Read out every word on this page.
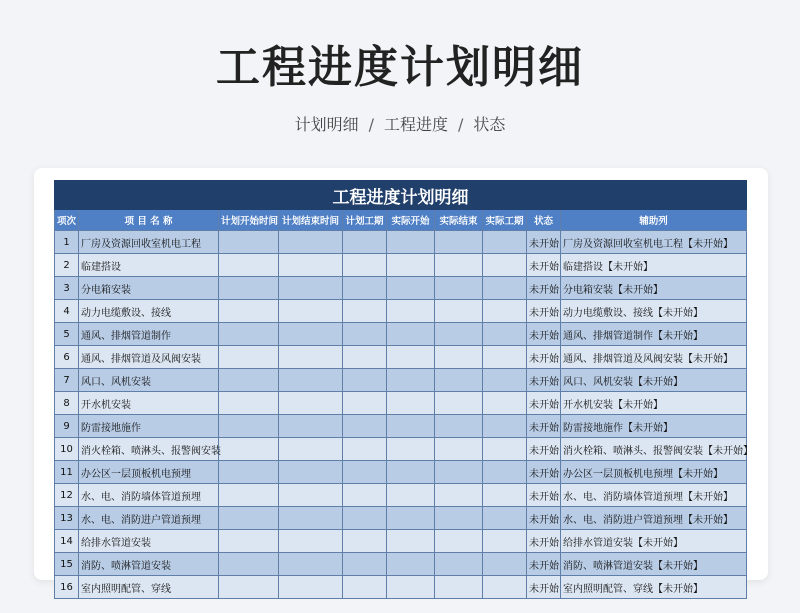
工程进度计划明细
计划明细 / 工程进度 / 状态
工程进度计划明细									
项次	项 目 名 称	计划开始时间	计划结束时间	计划工期	实际开始	实际结束	实际工期	状态	辅助列
1	厂房及资源回收室机电工程							未开始	厂房及资源回收室机电工程【未开始】
2	临建搭设							未开始	临建搭设【未开始】
3	分电箱安装							未开始	分电箱安装【未开始】
4	动力电缆敷设、接线							未开始	动力电缆敷设、接线【未开始】
5	通风、排烟管道制作							未开始	通风、排烟管道制作【未开始】
6	通风、排烟管道及风阀安装							未开始	通风、排烟管道及风阀安装【未开始】
7	风口、风机安装							未开始	风口、风机安装【未开始】
8	开水机安装							未开始	开水机安装【未开始】
9	防雷接地施作							未开始	防雷接地施作【未开始】
10	消火栓箱、喷淋头、报警阀安装							未开始	消火栓箱、喷淋头、报警阀安装【未开始】
11	办公区一层顶板机电预埋							未开始	办公区一层顶板机电预埋【未开始】
12	水、电、消防墙体管道预埋							未开始	水、电、消防墙体管道预埋【未开始】
13	水、电、消防进户管道预埋							未开始	水、电、消防进户管道预埋【未开始】
14	给排水管道安装							未开始	给排水管道安装【未开始】
15	消防、喷淋管道安装							未开始	消防、喷淋管道安装【未开始】
16	室内照明配管、穿线							未开始	室内照明配管、穿线【未开始】
